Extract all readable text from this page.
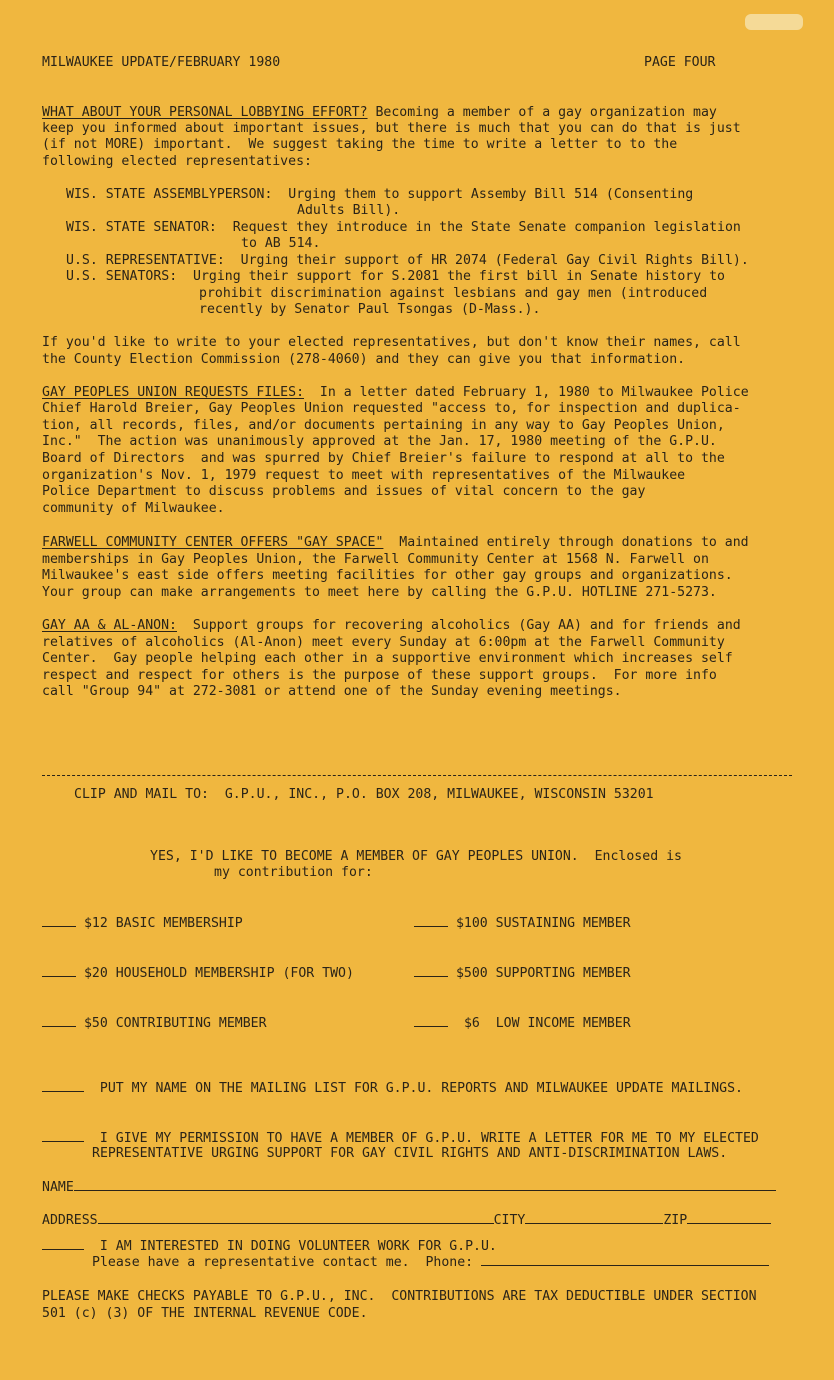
MILWAUKEE UPDATE/FEBRUARY 1980	PAGE FOUR
WHAT ABOUT YOUR PERSONAL LOBBYING EFFORT? Becoming a member of a gay organization may
keep you informed about important issues, but there is much that you can do that is just
(if not MORE) important.  We suggest taking the time to write a letter to to the
following elected representatives:
WIS. STATE ASSEMBLYPERSON:  Urging them to support Assemby Bill 514 (Consenting
Adults Bill).
WIS. STATE SENATOR:  Request they introduce in the State Senate companion legislation
to AB 514.
U.S. REPRESENTATIVE:  Urging their support of HR 2074 (Federal Gay Civil Rights Bill).
U.S. SENATORS:  Urging their support for S.2081 the first bill in Senate history to
prohibit discrimination against lesbians and gay men (introduced
recently by Senator Paul Tsongas (D-Mass.).
If you'd like to write to your elected representatives, but don't know their names, call
the County Election Commission (278-4060) and they can give you that information.
GAY PEOPLES UNION REQUESTS FILES:  In a letter dated February 1, 1980 to Milwaukee Police
Chief Harold Breier, Gay Peoples Union requested "access to, for inspection and duplica-
tion, all records, files, and/or documents pertaining in any way to Gay Peoples Union,
Inc."  The action was unanimously approved at the Jan. 17, 1980 meeting of the G.P.U.
Board of Directors  and was spurred by Chief Breier's failure to respond at all to the
organization's Nov. 1, 1979 request to meet with representatives of the Milwaukee
Police Department to discuss problems and issues of vital concern to the gay
community of Milwaukee.
FARWELL COMMUNITY CENTER OFFERS "GAY SPACE"  Maintained entirely through donations to and
memberships in Gay Peoples Union, the Farwell Community Center at 1568 N. Farwell on
Milwaukee's east side offers meeting facilities for other gay groups and organizations.
Your group can make arrangements to meet here by calling the G.P.U. HOTLINE 271-5273.
GAY AA & AL-ANON:  Support groups for recovering alcoholics (Gay AA) and for friends and
relatives of alcoholics (Al-Anon) meet every Sunday at 6:00pm at the Farwell Community
Center.  Gay people helping each other in a supportive environment which increases self
respect and respect for others is the purpose of these support groups.  For more info
call "Group 94" at 272-3081 or attend one of the Sunday evening meetings.
CLIP AND MAIL TO:  G.P.U., INC., P.O. BOX 208, MILWAUKEE, WISCONSIN 53201
YES, I'D LIKE TO BECOME A MEMBER OF GAY PEOPLES UNION.  Enclosed is
my contribution for:
$12 BASIC MEMBERSHIP	$100 SUSTAINING MEMBER
$20 HOUSEHOLD MEMBERSHIP (FOR TWO)	$500 SUPPORTING MEMBER
$50 CONTRIBUTING MEMBER	$6  LOW INCOME MEMBER
PUT MY NAME ON THE MAILING LIST FOR G.P.U. REPORTS AND MILWAUKEE UPDATE MAILINGS.
I GIVE MY PERMISSION TO HAVE A MEMBER OF G.P.U. WRITE A LETTER FOR ME TO MY ELECTED
REPRESENTATIVE URGING SUPPORT FOR GAY CIVIL RIGHTS AND ANTI-DISCRIMINATION LAWS.
NAME
ADDRESS	CITY	ZIP
I AM INTERESTED IN DOING VOLUNTEER WORK FOR G.P.U.
Please have a representative contact me.  Phone:
PLEASE MAKE CHECKS PAYABLE TO G.P.U., INC.  CONTRIBUTIONS ARE TAX DEDUCTIBLE UNDER SECTION
501 (c) (3) OF THE INTERNAL REVENUE CODE.
